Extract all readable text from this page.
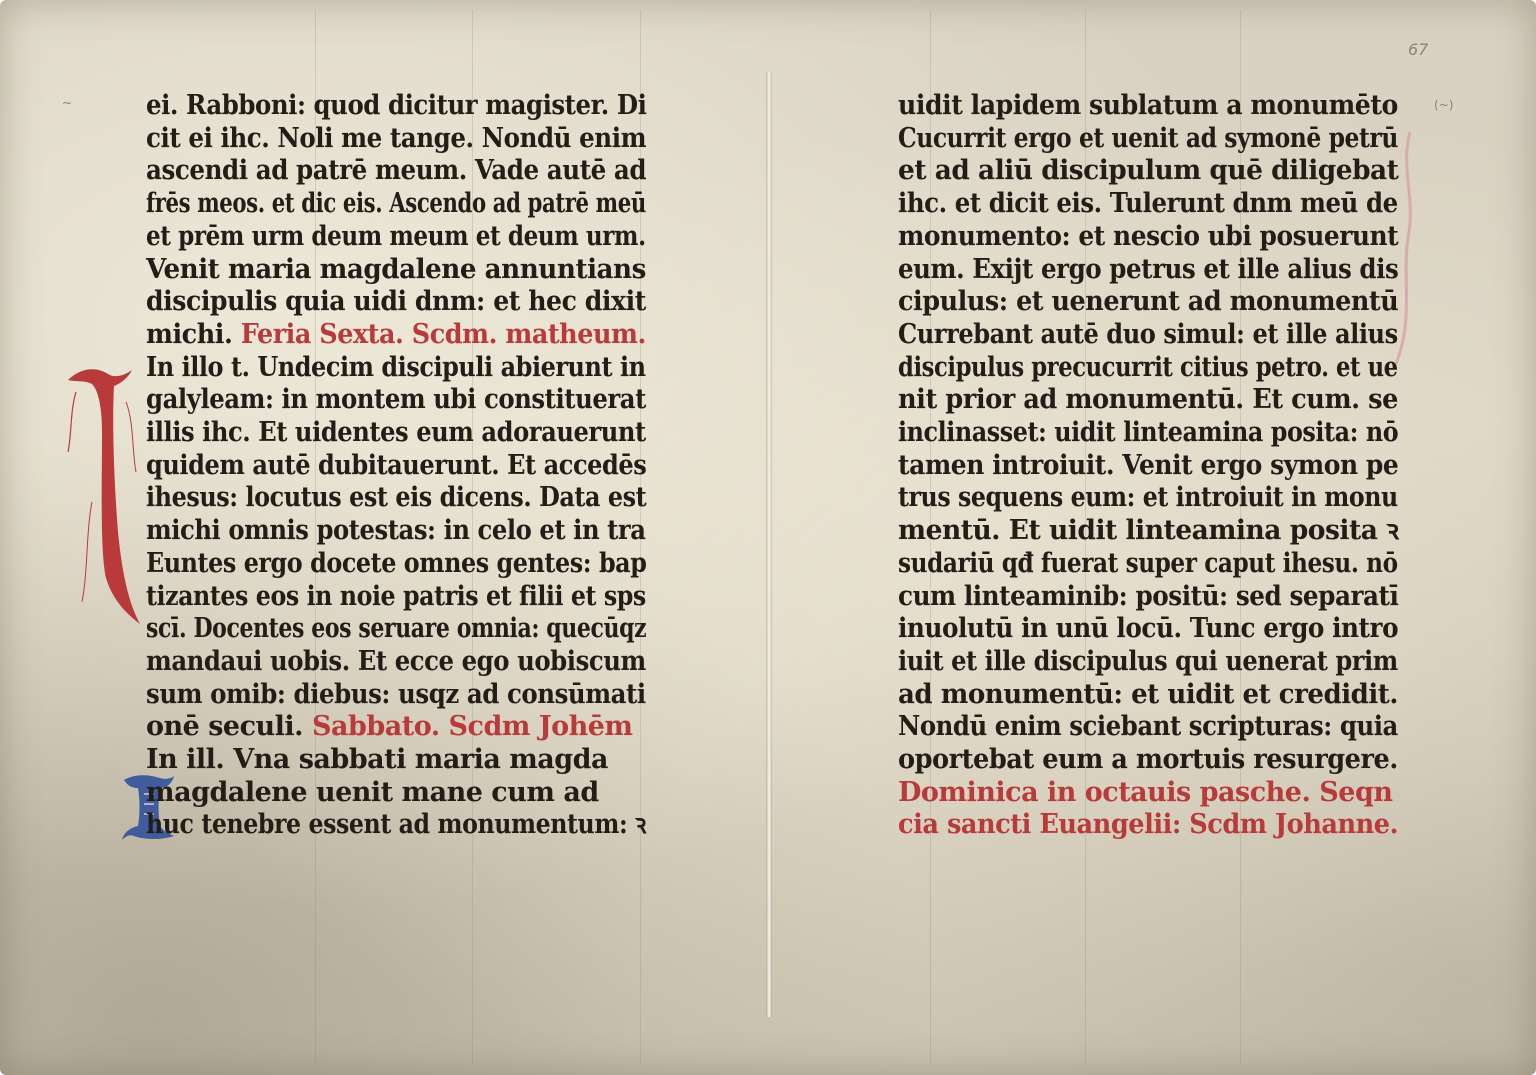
67
~	(~)
ei. Rabboni: quod dicitur magister. Di
cit ei ihc. Noli me tange. Nondū enim
ascendi ad patrē meum. Vade autē ad
frēs meos. et dic eis. Ascendo ad patrē meū
et prēm urm deum meum et deum urm.
Venit maria magdalene annuntians
discipulis quia uidi dnm: et hec dixit
michi. Feria Sexta. Scdm. matheum.
In illo t. Undecim discipuli abierunt in
galyleam: in montem ubi constituerat
illis ihc. Et uidentes eum adorauerunt
quidem autē dubitauerunt. Et accedēs
ihesus: locutus est eis dicens. Data est
michi omnis potestas: in celo et in tra
Euntes ergo docete omnes gentes: bap
tizantes eos in noie patris et filii et sps
scī. Docentes eos seruare omnia: quecūqz
mandaui uobis. Et ecce ego uobiscum
sum omib: diebus: usqz ad consūmati
onē seculi. Sabbato. Scdm Johēm
In ill. Vna sabbati maria magda
magdalene uenit mane cum ad
huc tenebre essent ad monumentum: ꝛ
uidit lapidem sublatum a monumēto
Cucurrit ergo et uenit ad symonē petrū
et ad aliū discipulum quē diligebat
ihc. et dicit eis. Tulerunt dnm meū de
monumento: et nescio ubi posuerunt
eum. Exijt ergo petrus et ille alius dis
cipulus: et uenerunt ad monumentū
Currebant autē duo simul: et ille alius
discipulus precucurrit citius petro. et ue
nit prior ad monumentū. Et cum. se
inclinasset: uidit linteamina posita: nō
tamen introiuit. Venit ergo symon pe
trus sequens eum: et introiuit in monu
mentū. Et uidit linteamina posita ꝛ
sudariū qđ fuerat super caput ihesu. nō
cum linteaminib: positū: sed separatī
inuolutū in unū locū. Tunc ergo intro
iuit et ille discipulus qui uenerat prim
ad monumentū: et uidit et credidit.
Nondū enim sciebant scripturas: quia
oportebat eum a mortuis resurgere.
Dominica in octauis pasche. Seqn
cia sancti Euangelii: Scdm Johanne.
